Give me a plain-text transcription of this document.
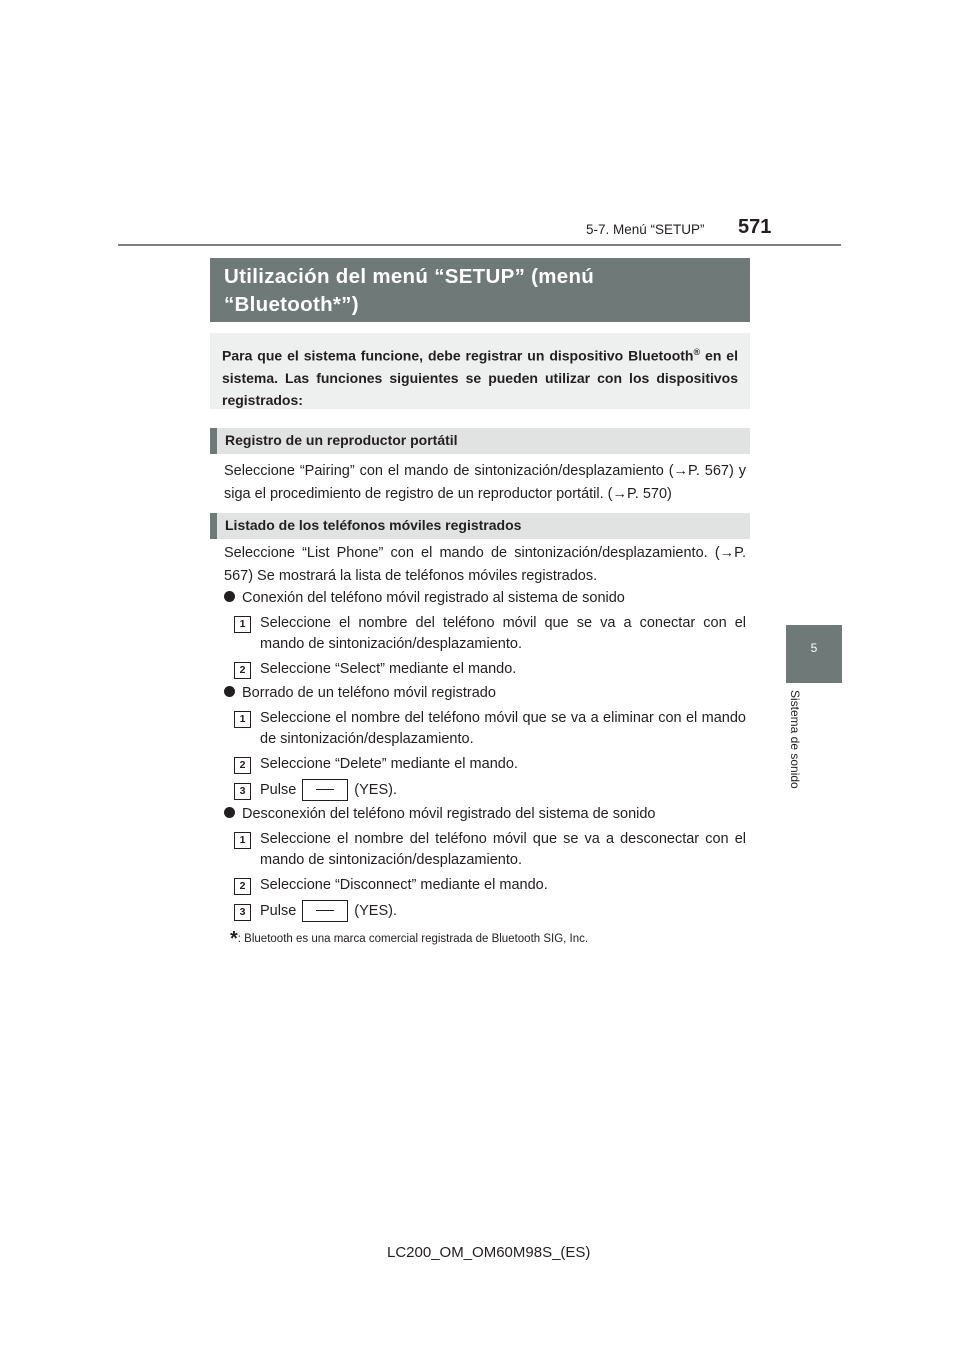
5-7. Menú “SETUP” 571
5
Sistema de sonido
Utilización del menú “SETUP” (menú
“Bluetooth*”)

Para que el sistema funcione, debe registrar un dispositivo Bluetooth® en el sistema. Las funciones siguientes se pueden utilizar con los dispositivos registrados:

Registro de un reproductor portátil
Seleccione “Pairing” con el mando de sintonización/desplazamiento (→P. 567) y siga el procedimiento de registro de un reproductor portátil. (→P. 570)
Listado de los teléfonos móviles registrados
Seleccione “List Phone” con el mando de sintonización/desplazamiento. (→P. 567) Se mostrará la lista de teléfonos móviles registrados.
Conexión del teléfono móvil registrado al sistema de sonido
1	Seleccione el nombre del teléfono móvil que se va a conectar con el mando de sintonización/desplazamiento.
2	Seleccione “Select” mediante el mando.
Borrado de un teléfono móvil registrado
1	Seleccione el nombre del teléfono móvil que se va a eliminar con el mando de sintonización/desplazamiento.
2	Seleccione “Delete” mediante el mando.
3	Pulse	(YES).
Desconexión del teléfono móvil registrado del sistema de sonido
1	Seleccione el nombre del teléfono móvil que se va a desconectar con el mando de sintonización/desplazamiento.
2	Seleccione “Disconnect” mediante el mando.
3	Pulse	(YES).
*: Bluetooth es una marca comercial registrada de Bluetooth SIG, Inc.
LC200_OM_OM60M98S_(ES)
